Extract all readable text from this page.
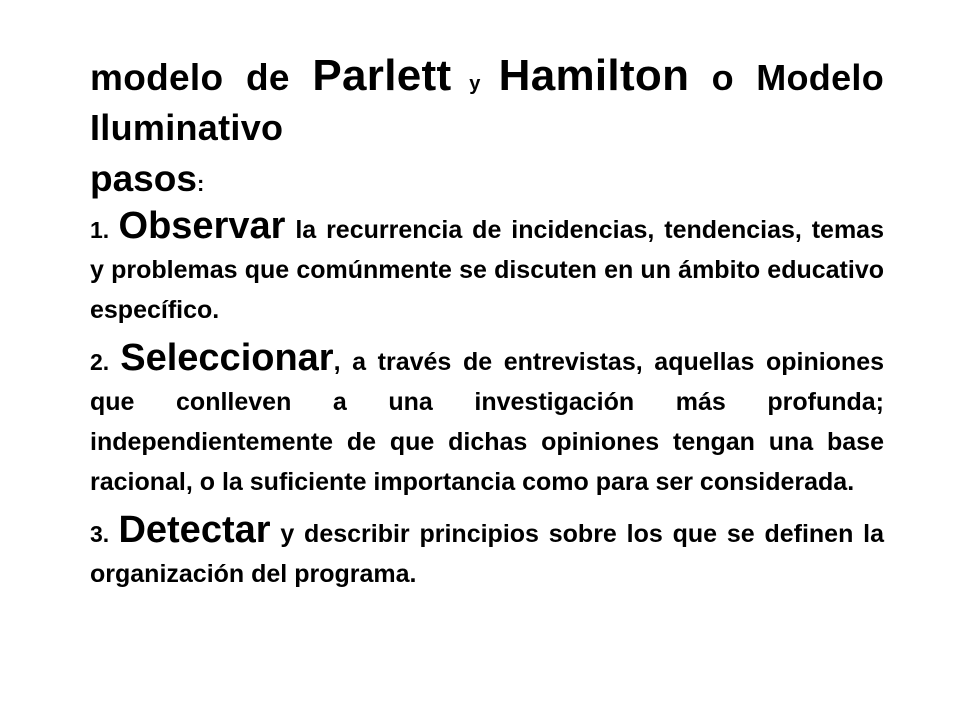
modelo de Parlett y Hamilton o Modelo Iluminativo
pasos:
1. Observar la recurrencia de incidencias, tendencias, temas y problemas que comúnmente se discuten en un ámbito educativo específico.
2. Seleccionar, a través de entrevistas, aquellas opiniones que conlleven a una investigación más profunda; independientemente de que dichas opiniones tengan una base racional, o la suficiente importancia como para ser considerada.
3. Detectar y describir principios sobre los que se definen la organización del programa.
